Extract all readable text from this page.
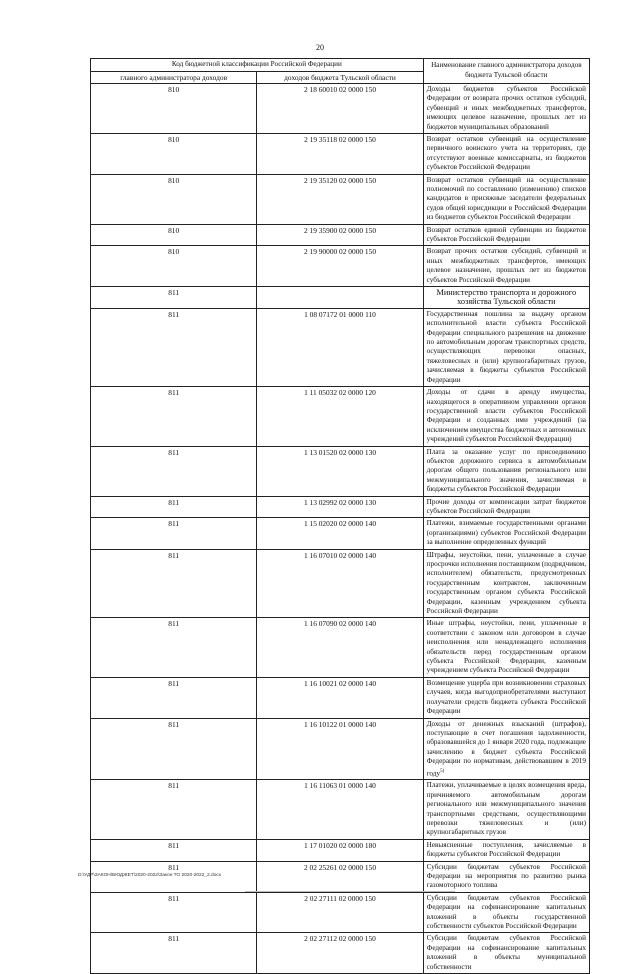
20
Код бюджетной классификации Российской Федерации		Наименование главного администратора доходов бюджета Тульской области
главного администратора доходов	доходов бюджета Тульской области	
810	2 18 60010 02 0000 150	Доходы бюджетов субъектов Российской Федерации от возврата прочих остатков субсидий, субвенций и иных межбюджетных трансфертов, имеющих целевое назначение, прошлых лет из бюджетов муниципальных образований
810	2 19 35118 02 0000 150	Возврат остатков субвенций на осуществление первичного воинского учета на территориях, где отсутствуют военные комиссариаты, из бюджетов субъектов Российской Федерации
810	2 19 35120 02 0000 150	Возврат остатков субвенций на осуществление полномочий по составлению (изменению) списков кандидатов в присяжные заседатели федеральных судов общей юрисдикции в Российской Федерации из бюджетов субъектов Российской Федерации
810	2 19 35900 02 0000 150	Возврат остатков единой субвенции из бюджетов субъектов Российской Федерации
810	2 19 90000 02 0000 150	Возврат прочих остатков субсидий, субвенций и иных межбюджетных трансфертов, имеющих целевое назначение, прошлых лет из бюджетов субъектов Российской Федерации
811		Министерство транспорта и дорожного хозяйства Тульской области
811	1 08 07172 01 0000 110	Государственная пошлина за выдачу органом исполнительной власти субъекта Российской Федерации специального разрешения на движение по автомобильным дорогам транспортных средств, осуществляющих перевозки опасных, тяжеловесных и (или) крупногабаритных грузов, зачисляемая в бюджеты субъектов Российской Федерации
811	1 11 05032 02 0000 120	Доходы от сдачи в аренду имущества, находящегося в оперативном управлении органов государственной власти субъектов Российской Федерации и созданных ими учреждений (за исключением имущества бюджетных и автономных учреждений субъектов Российской Федерации)
811	1 13 01520 02 0000 130	Плата за оказание услуг по присоединению объектов дорожного сервиса к автомобильным дорогам общего пользования регионального или межмуниципального значения, зачисляемая в бюджеты субъектов Российской Федерации
811	1 13 02992 02 0000 130	Прочие доходы от компенсации затрат бюджетов субъектов Российской Федерации
811	1 15 02020 02 0000 140	Платежи, взимаемые государственными органами (организациями) субъектов Российской Федерации за выполнение определенных функций
811	1 16 07010 02 0000 140	Штрафы, неустойки, пени, уплаченные в случае просрочки исполнения поставщиком (подрядчиком, исполнителем) обязательств, предусмотренных государственным контрактом, заключенным государственным органом субъекта Российской Федерации, казенным учреждением субъекта Российской Федерации
811	1 16 07090 02 0000 140	Иные штрафы, неустойки, пени, уплаченные в соответствии с законом или договором в случае неисполнения или ненадлежащего исполнения обязательств перед государственным органом субъекта Российской Федерации, казенным учреждением субъекта Российской Федерации
811	1 16 10021 02 0000 140	Возмещение ущерба при возникновении страховых случаев, когда выгодоприобретателями выступают получатели средств бюджета субъекта Российской Федерации
811	1 16 10122 01 0000 140	Доходы от денежных взысканий (штрафов), поступающие в счет погашения задолженности, образовавшейся до 1 января 2020 года, подлежащие зачислению в бюджет субъекта Российской Федерации по нормативам, действовавшим в 2019 году$^{5)}$
811	1 16 11063 01 0000 140	Платежи, уплачиваемые в целях возмещения вреда, причиняемого автомобильным дорогам регионального или межмуниципального значения транспортными средствами, осуществляющими перевозки тяжеловесных и (или) крупногабаритных грузов
811	1 17 01020 02 0000 180	Невыясненные поступления, зачисляемые в бюджеты субъектов Российской Федерации
811	2 02 25261 02 0000 150	Субсидии бюджетам субъектов Российской Федерации на мероприятия по развитию рынка газомоторного топлива
811	2 02 27111 02 0000 150	Субсидии бюджетам субъектов Российской Федерации на софинансирование капитальных вложений в объекты государственной собственности субъектов Российской Федерации
811	2 02 27112 02 0000 150	Субсидии бюджетам субъектов Российской Федерации на софинансирование капитальных вложений в объекты муниципальной собственности
D:\УДР\ЗАКОН\БЮДЖЕТ\2020-2022\Закон ТО 2020-2022_2.docx
